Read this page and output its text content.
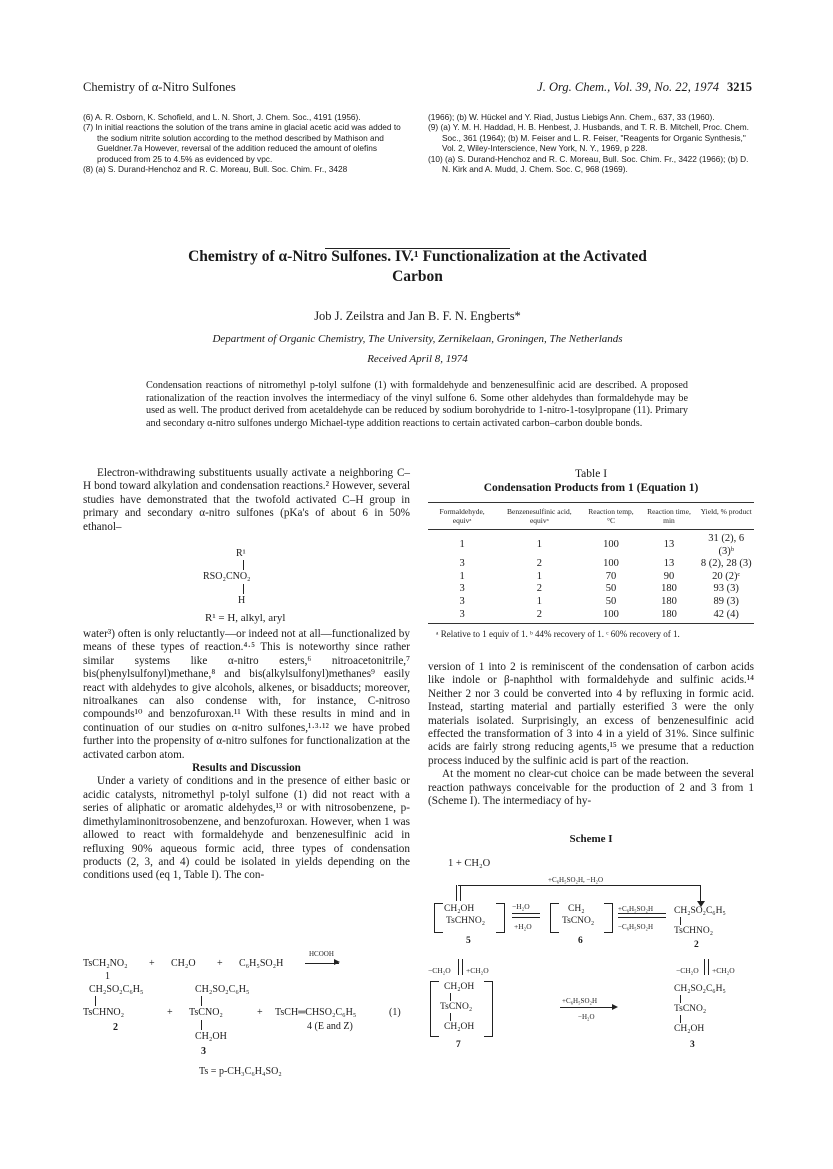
Chemistry of α-Nitro Sulfones	J. Org. Chem., Vol. 39, No. 22, 1974 3215

(6) A. R. Osborn, K. Schofield, and L. N. Short, J. Chem. Soc., 4191 (1956).

(7) In initial reactions the solution of the trans amine in glacial acetic acid was added to the sodium nitrite solution according to the method described by Mathison and Gueldner.7a However, reversal of the addition reduced the amount of olefins produced from 25 to 4.5% as evidenced by vpc.

(8) (a) S. Durand-Henchoz and R. C. Moreau, Bull. Soc. Chim. Fr., 3428

(1966); (b) W. Hückel and Y. Riad, Justus Liebigs Ann. Chem., 637, 33 (1960).

(9) (a) Y. M. H. Haddad, H. B. Henbest, J. Husbands, and T. R. B. Mitchell, Proc. Chem. Soc., 361 (1964); (b) M. Feiser and L. R. Feiser, "Reagents for Organic Synthesis," Vol. 2, Wiley-Interscience, New York, N. Y., 1969, p 228.

(10) (a) S. Durand-Henchoz and R. C. Moreau, Bull. Soc. Chim. Fr., 3422 (1966); (b) D. N. Kirk and A. Mudd, J. Chem. Soc. C, 968 (1969).

Chemistry of α-Nitro Sulfones. IV.¹ Functionalization at the Activated
Carbon
Job J. Zeilstra and Jan B. F. N. Engberts*
Department of Organic Chemistry, The University, Zernikelaan, Groningen, The Netherlands
Received April 8, 1974
Condensation reactions of nitromethyl p-tolyl sulfone (1) with formaldehyde and benzenesulfinic acid are described. A proposed rationalization of the reaction involves the intermediacy of the vinyl sulfone 6. Some other aldehydes than formaldehyde may be used as well. The product derived from acetaldehyde can be reduced by sodium borohydride to 1-nitro-1-tosylpropane (11). Primary and secondary α-nitro sulfones undergo Michael-type addition reactions to certain activated carbon–carbon double bonds.

Electron-withdrawing substituents usually activate a neighboring C–H bond toward alkylation and condensation reactions.² However, several studies have demonstrated that the twofold activated C–H group in primary and secondary α-nitro sulfones (pKa's of about 6 in 50% ethanol–

R¹
RSO₂CNO₂
H
R¹ = H, alkyl, aryl

water³) often is only reluctantly—or indeed not at all—functionalized by means of these types of reaction.⁴·⁵ This is noteworthy since rather similar systems like α-nitro esters,⁶ nitroacetonitrile,⁷ bis(phenylsulfonyl)methane,⁸ and bis(alkylsulfonyl)methanes⁹ easily react with aldehydes to give alcohols, alkenes, or bisadducts; moreover, nitroalkanes can also condense with, for instance, C-nitroso compounds¹⁰ and benzofuroxan.¹¹ With these results in mind and in continuation of our studies on α-nitro sulfones,¹·³·¹² we have probed further into the propensity of α-nitro sulfones for functionalization at the activated carbon atom.

Results and Discussion

Under a variety of conditions and in the presence of either basic or acidic catalysts, nitromethyl p-tolyl sulfone (1) did not react with a series of aliphatic or aromatic aldehydes,¹³ or with nitrosobenzene, p-dimethylaminonitrosobenzene, and benzofuroxan. However, when 1 was allowed to react with formaldehyde and benzenesulfinic acid in refluxing 90% aqueous formic acid, three types of condensation products (2, 3, and 4) could be isolated in yields depending on the conditions used (eq 1, Table I). The con-

TsCH₂NO₂
1
+ CH₂O + C₆H₅SO₂H
HCOOH
CH₂SO₂C₆H₅
TsCHNO₂
2
+
CH₂SO₂C₆H₅
TsCNO₂
CH₂OH
3
+ TsCH═CHSO₂C₆H₅
4 (E and Z)
(1)
Ts = p-CH₃C₆H₄SO₂
Table I
Condensation Products from 1 (Equation 1)
Formaldehyde, equivᵃ	Benzenesulfinic acid, equivᵃ	Reaction temp, °C	Reaction time, min	Yield, % product
1	1	100	13	31 (2), 6 (3)ᵇ
3	2	100	13	8 (2), 28 (3)
1	1	70	90	20 (2)ᶜ
3	2	50	180	93 (3)
3	1	50	180	89 (3)
3	2	100	180	42 (4)
ᵃ Relative to 1 equiv of 1. ᵇ 44% recovery of 1. ᶜ 60% recovery of 1.

version of 1 into 2 is reminiscent of the condensation of carbon acids like indole or β-naphthol with formaldehyde and sulfinic acids.¹⁴ Neither 2 nor 3 could be converted into 4 by refluxing in formic acid. Instead, starting material and partially esterified 3 were the only materials isolated. Surprisingly, an excess of benzenesulfinic acid effected the transformation of 3 into 4 in a yield of 31%. Since sulfinic acids are fairly strong reducing agents,¹⁵ we presume that a reduction process induced by the sulfinic acid is part of the reaction.

At the moment no clear-cut choice can be made between the several reaction pathways conceivable for the production of 2 and 3 from 1 (Scheme I). The intermediacy of hy-

Scheme I
1 + CH₂O
+C₆H₅SO₂H, −H₂O
CH₂OH
TsCHNO₂
5
−H₂O
+H₂O
CH₂
TsCNO₂
6
+C₆H₅SO₂H
−C₆H₅SO₂H
CH₂SO₂C₆H₅
TsCHNO₂
2
−CH₂O +CH₂O	−CH₂O +CH₂O
CH₂OH
TsCNO₂
CH₂OH
7
+C₆H₅SO₂H
−H₂O
CH₂SO₂C₆H₅
TsCNO₂
CH₂OH
3
